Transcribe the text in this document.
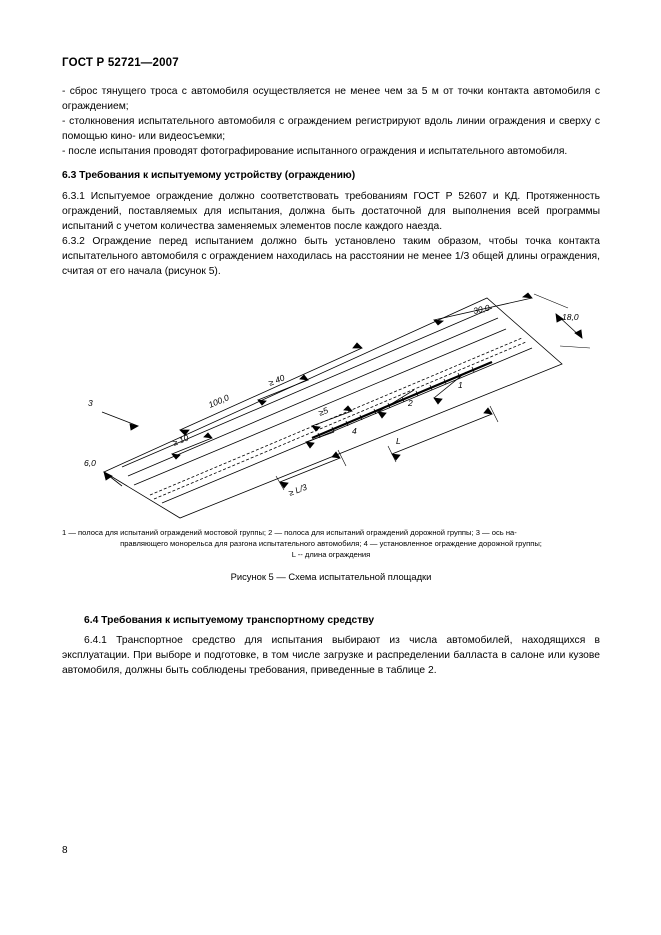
ГОСТ Р 52721—2007

- сброс тянущего троса с автомобиля осуществляется не менее чем за 5 м от точки контакта автомобиля с ограждением;

- столкновения испытательного автомобиля с ограждением регистрируют вдоль линии ограждения и сверху с помощью кино- или видеосъемки;

- после испытания проводят фотографирование испытанного ограждения и испытательного автомобиля.

6.3 Требования к испытуемому устройству (ограждению)

6.3.1 Испытуемое ограждение должно соответствовать требованиям ГОСТ Р 52607 и КД. Протяженность ограждений, поставляемых для испытания, должна быть достаточной для выполнения всей программы испытаний с учетом количества заменяемых элементов после каждого наезда.

6.3.2 Ограждение перед испытанием должно быть установлено таким образом, чтобы точка контакта испытательного автомобиля с ограждением находилась на расстоянии не менее 1/3 общей длины ограждения, считая от его начала (рисунок 5).

100,0
30,0
18,0
6,0
≥ 40
≥ 10
≥5
≥ L/3
1
2
3
4
L
1 — полоса для испытаний ограждений мостовой группы; 2 — полоса для испытаний ограждений дорожной группы; 3 — ось на-
правляющего монорельса для разгона испытательного автомобиля; 4 — установленное ограждение дорожной группы;
L -- длина ограждения
Рисунок 5 — Схема испытательной площадки

6.4 Требования к испытуемому транспортному средству

6.4.1 Транспортное средство для испытания выбирают из числа автомобилей, находящихся в эксплуатации. При выборе и подготовке, в том числе загрузке и распределении балласта в салоне или кузове автомобиля, должны быть соблюдены требования, приведенные в таблице 2.

8
